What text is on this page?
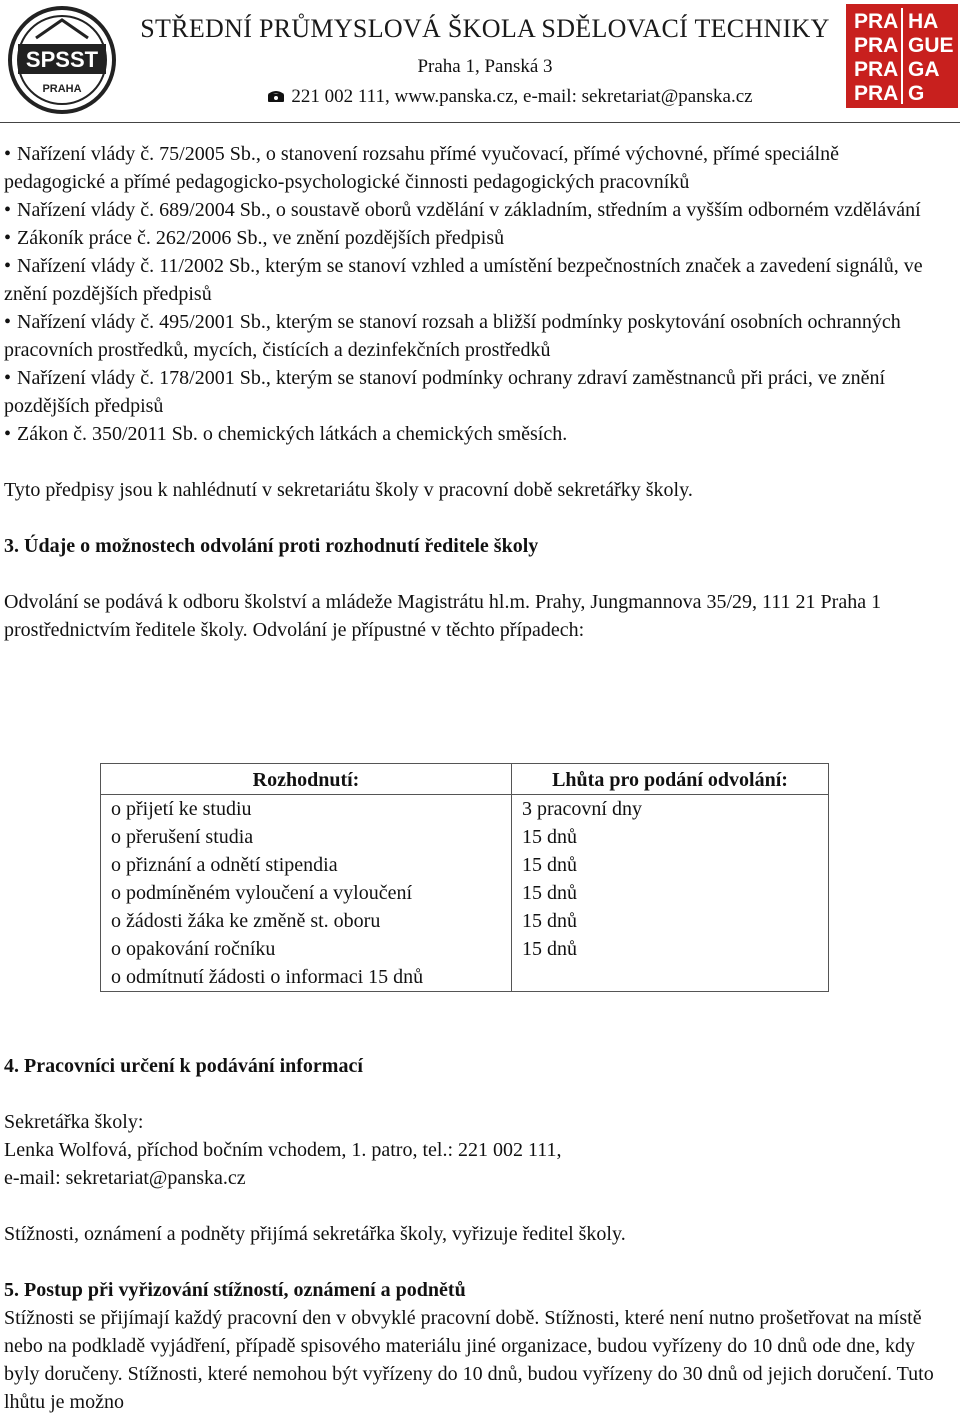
SPSST
PRAHA
STŘEDNÍ PRŮMYSLOVÁ ŠKOLA SDĚLOVACÍ TECHNIKY
Praha 1, Panská 3
221 002 111, www.panska.cz, e-mail: sekretariat@panska.cz
PRA HA
PRA GUE
PRA GA
PRA G

• Nařízení vlády č. 75/2005 Sb., o stanovení rozsahu přímé vyučovací, přímé výchovné, přímé speciálně pedagogické a přímé pedagogicko-psychologické činnosti pedagogických pracovníků

• Nařízení vlády č. 689/2004 Sb., o soustavě oborů vzdělání v základním, středním a vyšším odborném vzdělávání

• Zákoník práce č. 262/2006 Sb., ve znění pozdějších předpisů

• Nařízení vlády č. 11/2002 Sb., kterým se stanoví vzhled a umístění bezpečnostních značek a zavedení signálů, ve znění pozdějších předpisů

• Nařízení vlády č. 495/2001 Sb., kterým se stanoví rozsah a bližší podmínky poskytování osobních ochranných pracovních prostředků, mycích, čistících a dezinfekčních prostředků

• Nařízení vlády č. 178/2001 Sb., kterým se stanoví podmínky ochrany zdraví zaměstnanců při práci, ve znění pozdějších předpisů

• Zákon č. 350/2011 Sb. o chemických látkách a chemických směsích.

Tyto předpisy jsou k nahlédnutí v sekretariátu školy v pracovní době sekretářky školy.

3. Údaje o možnostech odvolání proti rozhodnutí ředitele školy

Odvolání se podává k odboru školství a mládeže Magistrátu hl.m. Prahy, Jungmannova 35/29, 111 21 Praha 1 prostřednictvím ředitele školy. Odvolání je přípustné v těchto případech:

Rozhodnutí:	Lhůta pro podání odvolání:
o přijetí ke studiu	3 pracovní dny
o přerušení studia	15 dnů
o přiznání a odnětí stipendia	15 dnů
o podmíněném vyloučení a vyloučení	15 dnů
o žádosti žáka ke změně st. oboru	15 dnů
o opakování ročníku	15 dnů
o odmítnutí žádosti o informaci 15 dnů	

4. Pracovníci určení k podávání informací

Sekretářka školy:

Lenka Wolfová, příchod bočním vchodem, 1. patro, tel.: 221 002 111,

e-mail: sekretariat@panska.cz

Stížnosti, oznámení a podněty přijímá sekretářka školy, vyřizuje ředitel školy.

5. Postup při vyřizování stížností, oznámení a podnětů

Stížnosti se přijímají každý pracovní den v obvyklé pracovní době. Stížnosti, které není nutno prošetřovat na místě nebo na podkladě vyjádření, případě spisového materiálu jiné organizace, budou vyřízeny do 10 dnů ode dne, kdy byly doručeny. Stížnosti, které nemohou být vyřízeny do 10 dnů, budou vyřízeny do 30 dnů od jejich doručení. Tuto lhůtu je možno
